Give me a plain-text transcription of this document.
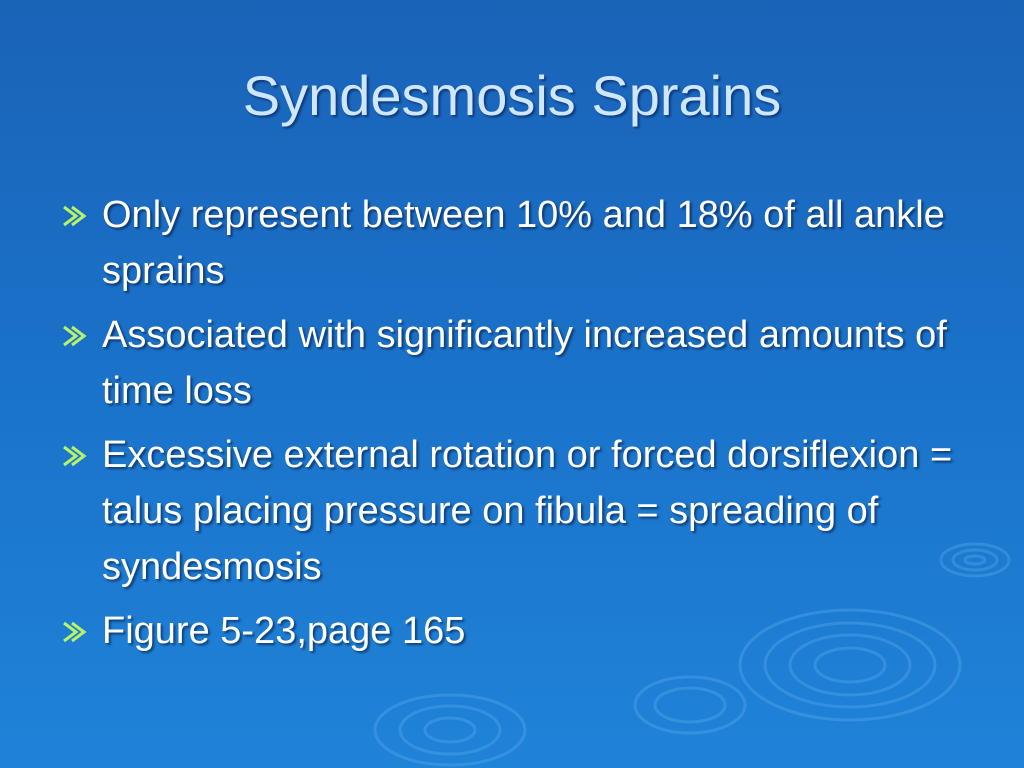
Syndesmosis Sprains
Only represent between 10% and 18% of all ankle sprains
Associated with significantly increased amounts of time loss
Excessive external rotation or forced dorsiflexion = talus placing pressure on fibula = spreading of syndesmosis
Figure 5-23,page 165
